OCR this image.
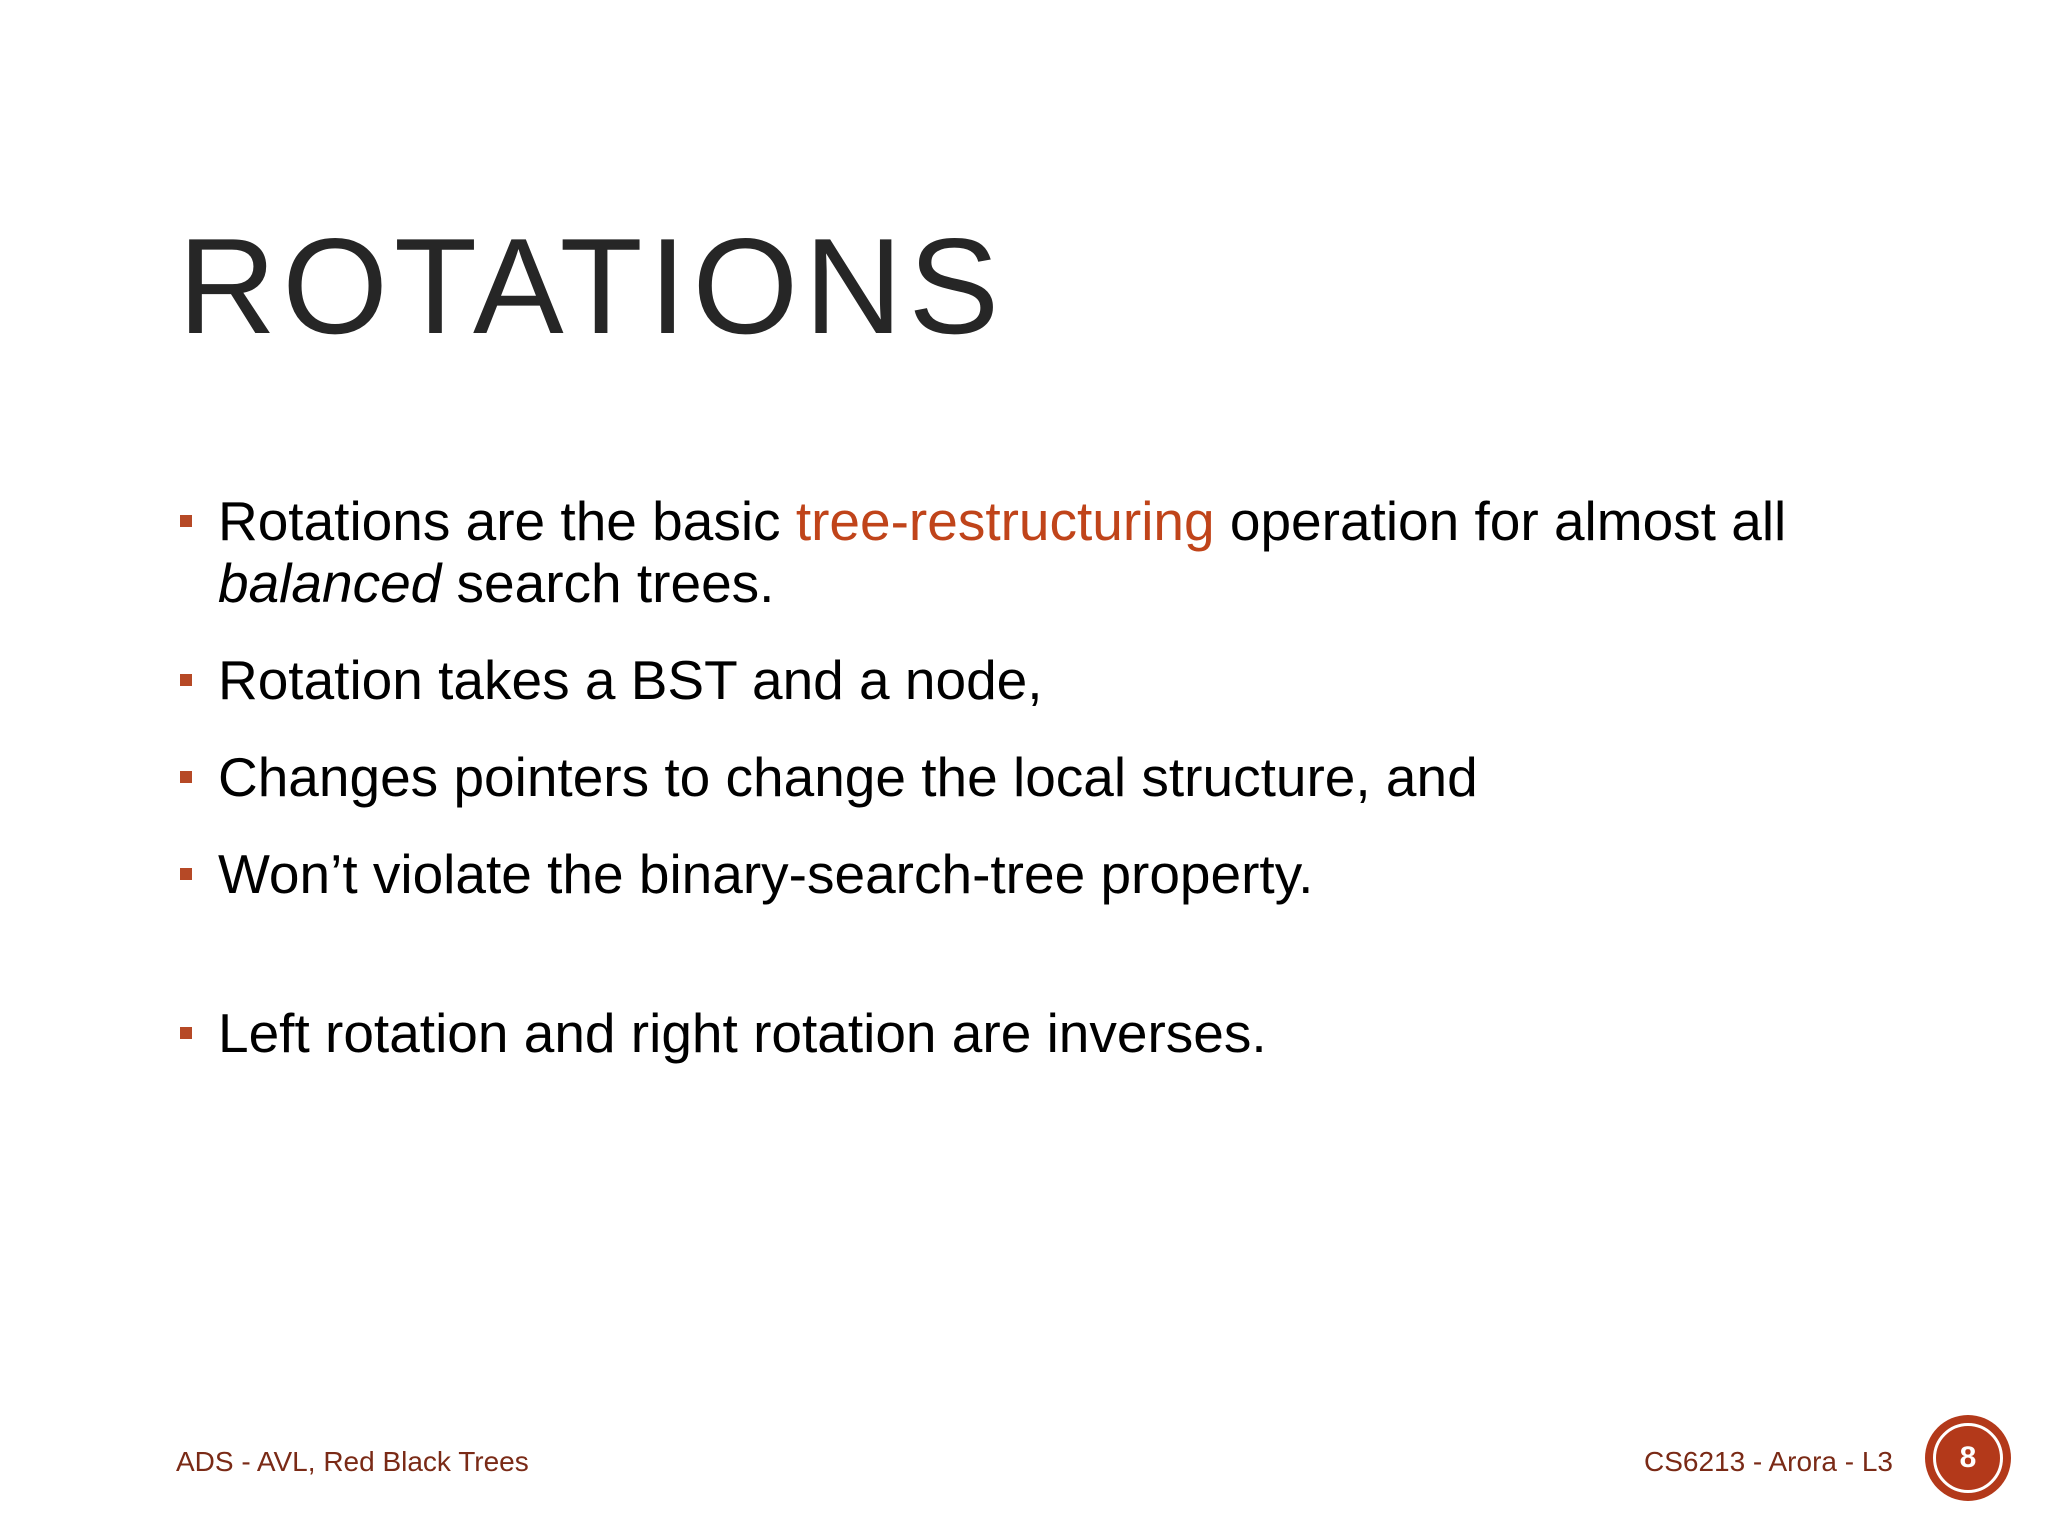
ROTATIONS
Rotations are the basic tree-restructuring operation for almost all
balanced search trees.
Rotation takes a BST and a node,
Changes pointers to change the local structure, and
Won’t violate the binary-search-tree property.
Left rotation and right rotation are inverses.
ADS - AVL, Red Black Trees	CS6213 - Arora - L3	8
